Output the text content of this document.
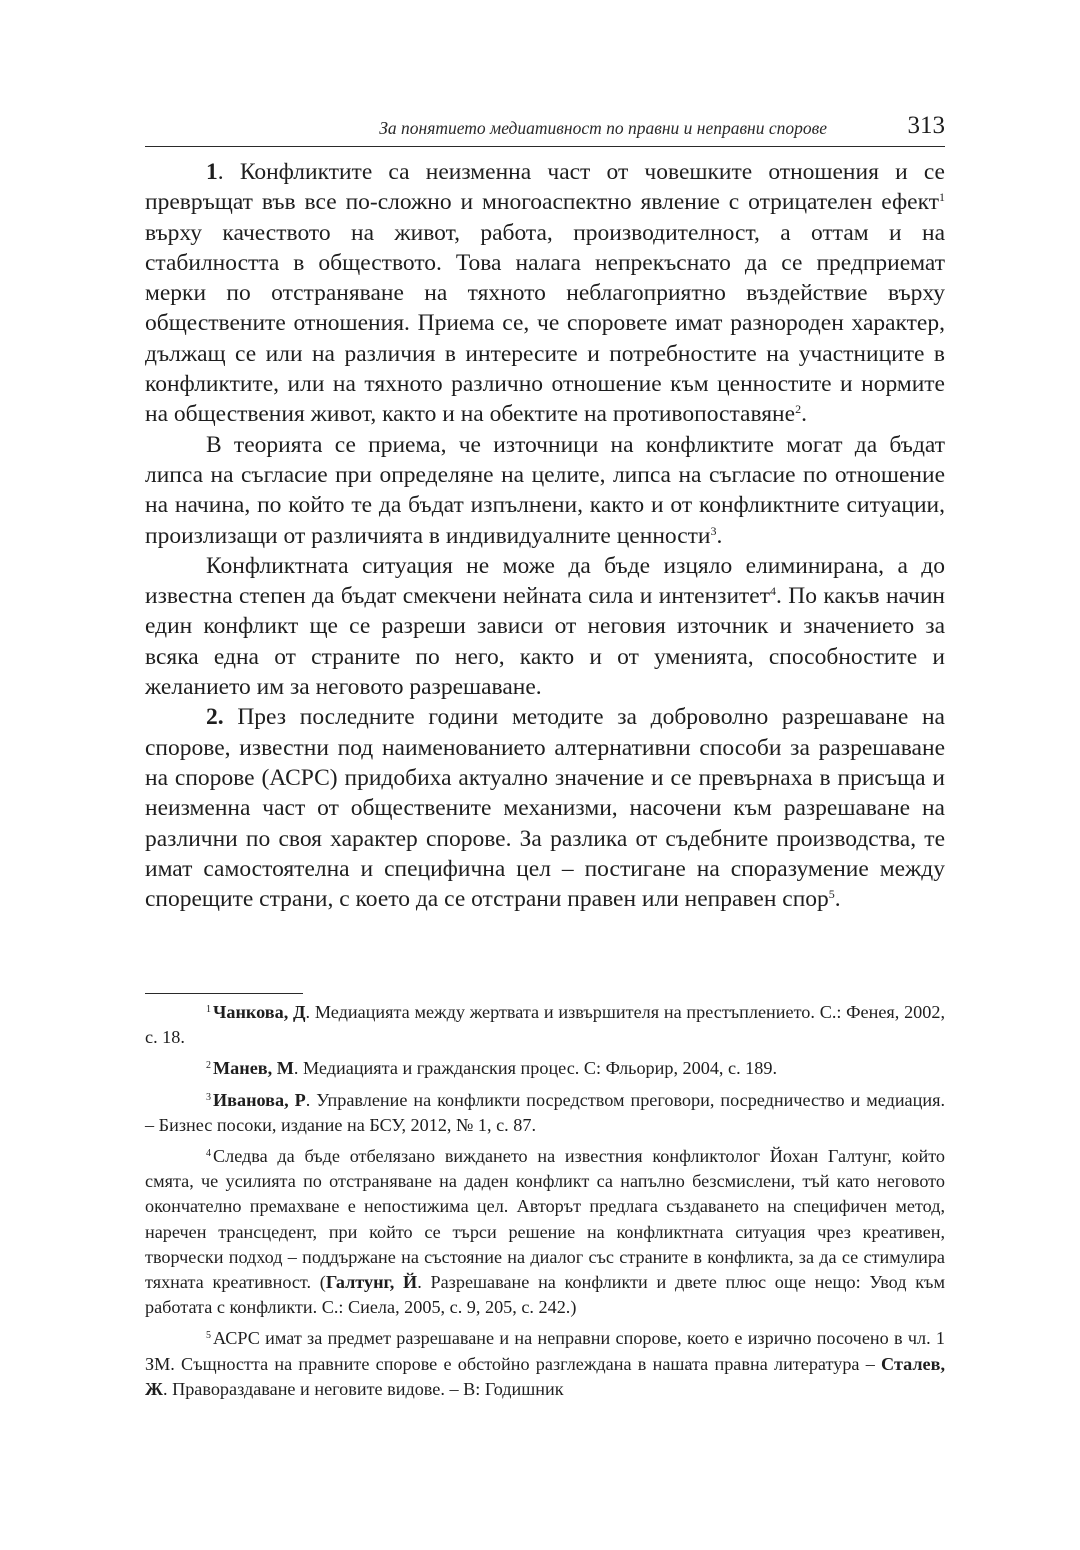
За понятието медиативност по правни и неправни спорове	313

1. Конфликтите са неизменна част от човешките отношения и се превръщат във все по-сложно и многоаспектно явление с отрицателен ефект$^1$ върху качеството на живот, работа, производителност, а оттам и на стабилността в обществото. Това налага непрекъснато да се предприемат мерки по отстраняване на тяхното неблагоприятно въздействие върху обществените отношения. Приема се, че споровете имат разнороден характер, дължащ се или на различия в интересите и потребностите на участниците в конфликтите, или на тяхното различно отношение към ценностите и нормите на обществения живот, както и на обектите на противопоставяне$^2$.

В теорията се приема, че източници на конфликтите могат да бъдат липса на съгласие при определяне на целите, липса на съгласие по отношение на начина, по който те да бъдат изпълнени, както и от конфликтните ситуации, произлизащи от различията в индивидуалните ценности$^3$.

Конфликтната ситуация не може да бъде изцяло елиминирана, а до известна степен да бъдат смекчени нейната сила и интензитет$^4$. По какъв начин един конфликт ще се разреши зависи от неговия източник и значението за всяка една от страните по него, както и от уменията, способностите и желанието им за неговото разрешаване.

2. През последните години методите за доброволно разрешаване на спорове, известни под наименованието алтернативни способи за разрешаване на спорове (АСРС) придобиха актуално значение и се превърнаха в присъща и неизменна част от обществените механизми, насочени към разрешаване на различни по своя характер спорове. За разлика от съдебните производства, те имат самостоятелна и специфична цел – постигане на споразумение между спорещите страни, с което да се отстрани правен или неправен спор$^5$.

$^1$ Чанкова, Д. Медиацията между жертвата и извършителя на престъплението. С.: Фенея, 2002, с. 18.

$^2$ Манев, М. Медиацията и гражданския процес. С: Фльорир, 2004, с. 189.

$^3$ Иванова, Р. Управление на конфликти посредством преговори, посредничество и медиация. – Бизнес посоки, издание на БСУ, 2012, № 1, с. 87.

$^4$ Следва да бъде отбелязано виждането на известния конфликтолог Йохан Галтунг, който смята, че усилията по отстраняване на даден конфликт са напълно безсмислени, тъй като неговото окончателно премахване е непостижима цел. Авторът предлага създаването на специфичен метод, наречен трансцедент, при който се търси решение на конфликтната ситуация чрез креативен, творчески подход – поддържане на състояние на диалог със страните в конфликта, за да се стимулира тяхната креативност. (Галтунг, Й. Разрешаване на конфликти и двете плюс още нещо: Увод към работата с конфликти. С.: Сиела, 2005, с. 9, 205, с. 242.)

$^5$ АСРС имат за предмет разрешаване и на неправни спорове, което е изрично посочено в чл. 1 ЗМ. Същността на правните спорове е обстойно разглеждана в нашата правна литература – Сталев, Ж. Правораздаване и неговите видове. – В: Годишник
